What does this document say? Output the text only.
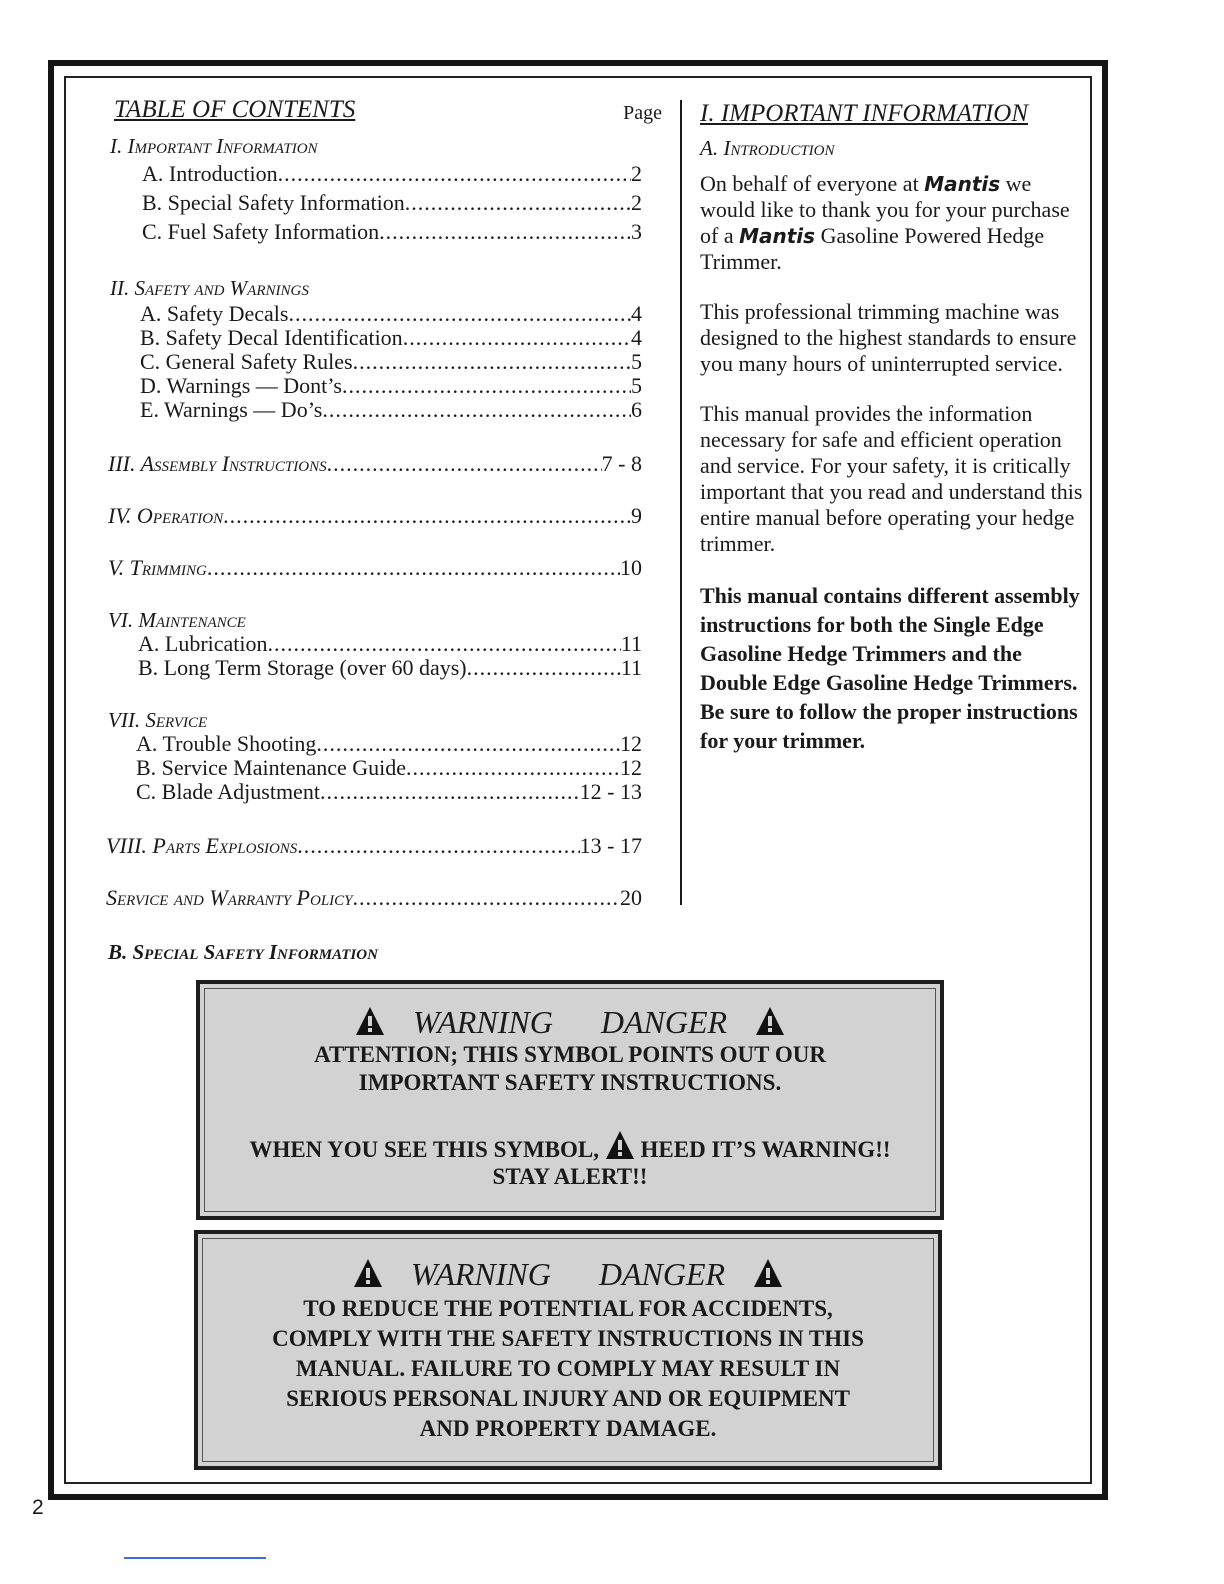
TABLE OF CONTENTS	Page
I. Important Information
A. Introduction .....	2
B. Special Safety Information .....	2
C. Fuel Safety Information .....	3
II. Safety and Warnings
A. Safety Decals .....	4
B. Safety Decal Identification .....	4
C. General Safety Rules .....	5
D. Warnings — Dont’s .....	5
E. Warnings — Do’s .....	6
III. Assembly Instructions .....	7 - 8
IV. Operation .....	9
V. Trimming .....	10
VI. Maintenance
A. Lubrication .....	11
B. Long Term Storage (over 60 days) .....	11
VII. Service
A. Trouble Shooting .....	12
B. Service Maintenance Guide .....	12
C. Blade Adjustment .....	12 - 13
VIII. Parts Explosions .....	13 - 17
Service and Warranty Policy .....	20
I. IMPORTANT INFORMATION
A. Introduction

On behalf of everyone at Mantis we would like to thank you for your purchase of a Mantis Gasoline Powered Hedge Trimmer.

This professional trimming machine was designed to the highest standards to ensure you many hours of uninterrupted service.

This manual provides the information necessary for safe and efficient operation and service. For your safety, it is critically important that you read and understand this entire manual before operating your hedge trimmer.

This manual contains different assembly instructions for both the Single Edge Gasoline Hedge Trimmers and the Double Edge Gasoline Hedge Trimmers.

Be sure to follow the proper instructions for your trimmer.

B. Special Safety Information
WARNING DANGER
ATTENTION; THIS SYMBOL POINTS OUT OUR
IMPORTANT SAFETY INSTRUCTIONS.
WHEN YOU SEE THIS SYMBOL, HEED IT’S WARNING!!
STAY ALERT!!
WARNING DANGER
TO REDUCE THE POTENTIAL FOR ACCIDENTS,
COMPLY WITH THE SAFETY INSTRUCTIONS IN THIS
MANUAL. FAILURE TO COMPLY MAY RESULT IN
SERIOUS PERSONAL INJURY AND OR EQUIPMENT
AND PROPERTY DAMAGE.
2
